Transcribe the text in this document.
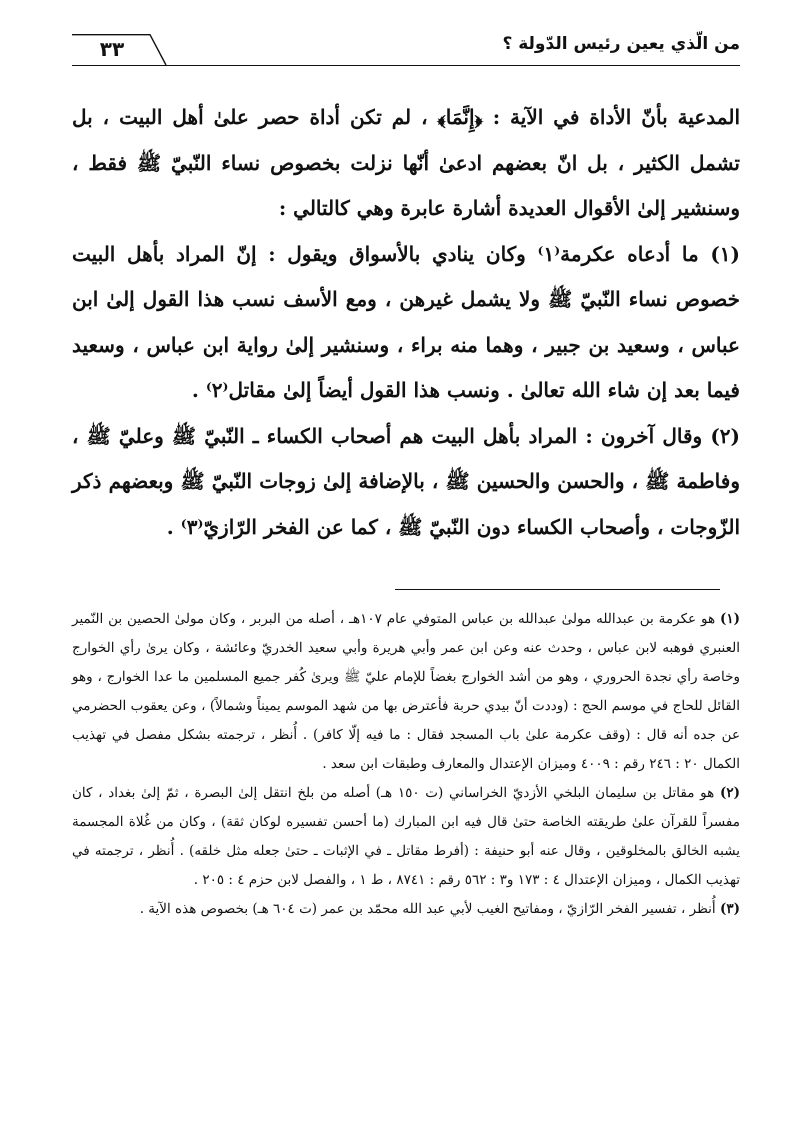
من الّذي يعين رئيس الدّولة ؟
٣٣

المدعية بأنّ الأداة في الآية : ﴿إِنَّمَا﴾ ، لم تكن أداة حصر علىٰ أهل البيت ، بل تشمل الكثير ، بل انّ بعضهم ادعىٰ أنّها نزلت بخصوص نساء النّبيّ ﷺ فقط ، وسنشير إلىٰ الأقوال العديدة أشارة عابرة وهي كالتالي :

(١) ما أدعاه عكرمة⁽١⁾ وكان ينادي بالأسواق ويقول : إنّ المراد بأهل البيت خصوص نساء النّبيّ ﷺ ولا يشمل غيرهن ، ومع الأسف نسب هذا القول إلىٰ ابن عباس ، وسعيد بن جبير ، وهما منه براء ، وسنشير إلىٰ رواية ابن عباس ، وسعيد فيما بعد إن شاء الله تعالىٰ . ونسب هذا القول أيضاً إلىٰ مقاتل⁽٢⁾ .

(٢) وقال آخرون : المراد بأهل البيت هم أصحاب الكساء ـ النّبيّ ﷺ وعليّ ﷺ ، وفاطمة ﷺ ، والحسن والحسين ﷺ ، بالإضافة إلىٰ زوجات النّبيّ ﷺ وبعضهم ذكر الزّوجات ، وأصحاب الكساء دون النّبيّ ﷺ ، كما عن الفخر الرّازيّ⁽٣⁾ .

(١) هو عكرمة بن عبدالله مولىٰ عبدالله بن عباس المتوفي عام ١٠٧هـ ، أصله من البربر ، وكان مولىٰ الحصين بن النّمير العنبري فوهبه لابن عباس ، وحدث عنه وعن ابن عمر وأبي هريرة وأبي سعيد الخدريّ وعائشة ، وكان يرىٰ رأي الخوارج وخاصة رأي نجدة الحروري ، وهو من أشد الخوارج بغضاً للإمام عليّ ﷺ ويرىٰ كُفر جميع المسلمين ما عدا الخوارج ، وهو القائل للحاج في موسم الحج : (وددت أنّ بيدي حربة فأعترض بها من شهد الموسم يميناً وشمالاً) ، وعن يعقوب الحضرمي عن جده أنه قال : (وقف عكرمة علىٰ باب المسجد فقال : ما فيه إلّا كافر) . أُنظر ، ترجمته بشكل مفصل في تهذيب الكمال ٢٠ : ٢٤٦ رقم : ٤٠٠٩ وميزان الإعتدال والمعارف وطبقات ابن سعد .

(٢) هو مقاتل بن سليمان البلخي الأزديّ الخراساني (ت ١٥٠ هـ) أصله من بلخ انتقل إلىٰ البصرة ، ثمّ إلىٰ بغداد ، كان مفسراً للقرآن علىٰ طريقته الخاصة حتىٰ قال فيه ابن المبارك (ما أحسن تفسيره لوكان ثقة) ، وكان من غُلاة المجسمة يشبه الخالق بالمخلوقين ، وقال عنه أبو حنيفة : (أفرط مقاتل ـ في الإثبات ـ حتىٰ جعله مثل خلقه) . أُنظر ، ترجمته في تهذيب الكمال ، وميزان الإعتدال ٤ : ١٧٣ و٣ : ٥٦٢ رقم : ٨٧٤١ ، ط ١ ، والفصل لابن حزم ٤ : ٢٠٥ .

(٣) أُنظر ، تفسير الفخر الرّازيّ ، ومفاتيح الغيب لأبي عبد الله محمّد بن عمر (ت ٦٠٤ هـ) بخصوص هذه الآية .
